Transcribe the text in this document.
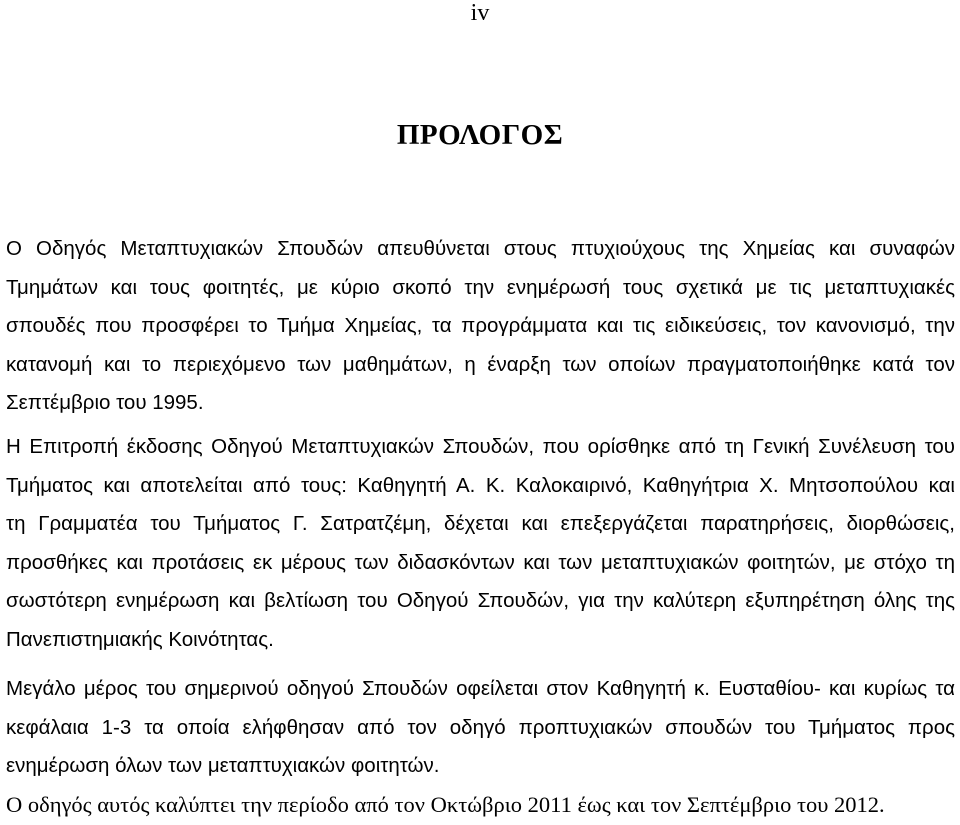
iv
ΠΡΟΛΟΓΟΣ
Ο Οδηγός Μεταπτυχιακών Σπουδών απευθύνεται στους πτυχιούχους της Χημείας και συναφών
Τμημάτων και τους φοιτητές, με κύριο σκοπό την ενημέρωσή τους σχετικά με τις μεταπτυχιακές
σπουδές που προσφέρει το Τμήμα Χημείας, τα προγράμματα και τις ειδικεύσεις, τον κανονισμό, την
κατανομή και το περιεχόμενο των μαθημάτων, η έναρξη των οποίων πραγματοποιήθηκε κατά τον
Σεπτέμβριο του 1995.
Η Επιτροπή έκδοσης Οδηγού Μεταπτυχιακών Σπουδών, που ορίσθηκε από τη Γενική Συνέλευση του
Τμήματος και αποτελείται από τους: Καθηγητή Α. Κ. Καλοκαιρινό, Καθηγήτρια Χ. Μητσοπούλου και
τη Γραμματέα του Τμήματος Γ. Σατρατζέμη, δέχεται και επεξεργάζεται παρατηρήσεις, διορθώσεις,
προσθήκες και προτάσεις εκ μέρους των διδασκόντων και των μεταπτυχιακών φοιτητών, με στόχο τη
σωστότερη ενημέρωση και βελτίωση του Οδηγού Σπουδών, για την καλύτερη εξυπηρέτηση όλης της
Πανεπιστημιακής Κοινότητας.
Μεγάλο μέρος του σημερινού οδηγού Σπουδών οφείλεται στον Καθηγητή κ. Ευσταθίου- και κυρίως τα
κεφάλαια 1-3 τα οποία ελήφθησαν από τον οδηγό προπτυχιακών σπουδών του Τμήματος προς
ενημέρωση όλων των μεταπτυχιακών φοιτητών.
Ο οδηγός αυτός καλύπτει την περίοδο από τον Οκτώβριο 2011 έως και τον Σεπτέμβριο του 2012.
